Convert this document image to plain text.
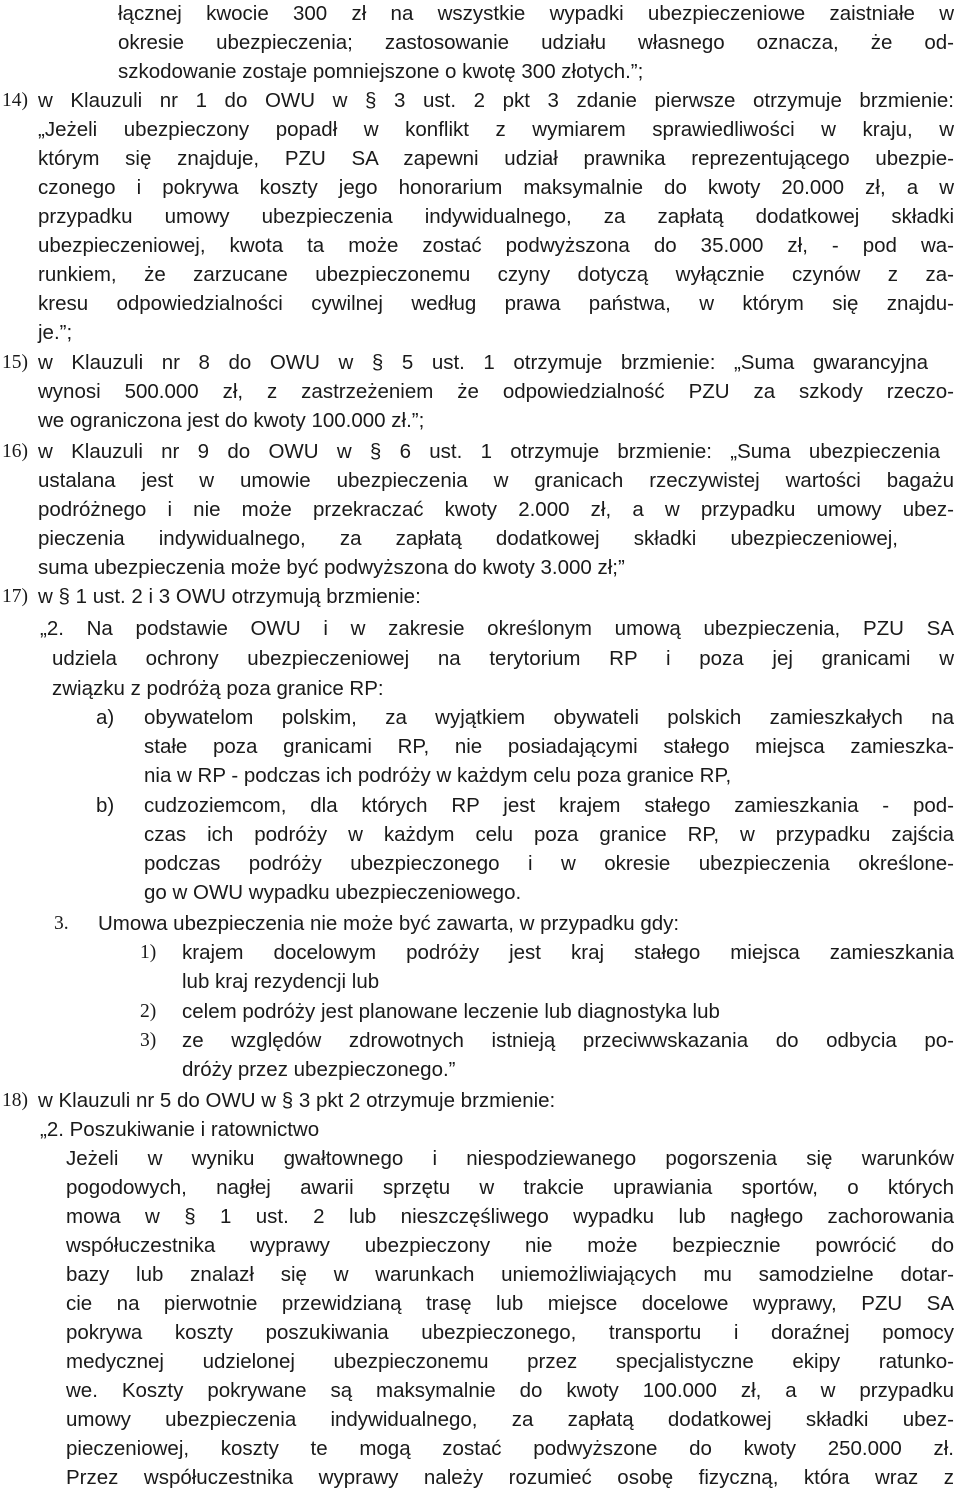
łącznej kwocie 300 zł na wszystkie wypadki ubezpieczeniowe zaistniałe w
okresie ubezpieczenia; zastosowanie udziału własnego oznacza, że od-
szkodowanie zostaje pomniejszone o kwotę 300 złotych.”;
14) w Klauzuli nr 1 do OWU w § 3 ust. 2 pkt 3 zdanie pierwsze otrzymuje brzmienie:
„Jeżeli ubezpieczony popadł w konflikt z wymiarem sprawiedliwości w kraju, w
którym się znajduje, PZU SA zapewni udział prawnika reprezentującego ubezpie-
czonego i pokrywa koszty jego honorarium maksymalnie do kwoty 20.000 zł, a w
przypadku umowy ubezpieczenia indywidualnego, za zapłatą dodatkowej składki
ubezpieczeniowej, kwota ta może zostać podwyższona do 35.000 zł, - pod wa-
runkiem, że zarzucane ubezpieczonemu czyny dotyczą wyłącznie czynów z za-
kresu odpowiedzialności cywilnej według prawa państwa, w którym się znajdu-
je.”;
15) w Klauzuli nr 8 do OWU w § 5 ust. 1 otrzymuje brzmienie: „Suma gwarancyjna
wynosi 500.000 zł, z zastrzeżeniem że odpowiedzialność PZU za szkody rzeczo-
we ograniczona jest do kwoty 100.000 zł.”;
16) w Klauzuli nr 9 do OWU w § 6 ust. 1 otrzymuje brzmienie: „Suma ubezpieczenia
ustalana jest w umowie ubezpieczenia w granicach rzeczywistej wartości bagażu
podróżnego i nie może przekraczać kwoty 2.000 zł, a w przypadku umowy ubez-
pieczenia indywidualnego, za zapłatą dodatkowej składki ubezpieczeniowej,
suma ubezpieczenia może być podwyższona do kwoty 3.000 zł;”
17) w § 1 ust. 2 i 3 OWU otrzymują brzmienie:
„2. Na podstawie OWU i w zakresie określonym umową ubezpieczenia, PZU SA
udziela ochrony ubezpieczeniowej na terytorium RP i poza jej granicami w
związku z podróżą poza granice RP:
a) obywatelom polskim, za wyjątkiem obywateli polskich zamieszkałych na
stałe poza granicami RP, nie posiadającymi stałego miejsca zamieszka-
nia w RP - podczas ich podróży w każdym celu poza granice RP,
b) cudzoziemcom, dla których RP jest krajem stałego zamieszkania - pod-
czas ich podróży w każdym celu poza granice RP, w przypadku zajścia
podczas podróży ubezpieczonego i w okresie ubezpieczenia określone-
go w OWU wypadku ubezpieczeniowego.
3. Umowa ubezpieczenia nie może być zawarta, w przypadku gdy:
1) krajem docelowym podróży jest kraj stałego miejsca zamieszkania
lub kraj rezydencji lub
2) celem podróży jest planowane leczenie lub diagnostyka lub
3) ze względów zdrowotnych istnieją przeciwwskazania do odbycia po-
dróży przez ubezpieczonego.”
18) w Klauzuli nr 5 do OWU w § 3 pkt 2 otrzymuje brzmienie:
„2. Poszukiwanie i ratownictwo
Jeżeli w wyniku gwałtownego i niespodziewanego pogorszenia się warunków
pogodowych, nagłej awarii sprzętu w trakcie uprawiania sportów, o których
mowa w § 1 ust. 2 lub nieszczęśliwego wypadku lub nagłego zachorowania
współuczestnika wyprawy ubezpieczony nie może bezpiecznie powrócić do
bazy lub znalazł się w warunkach uniemożliwiających mu samodzielne dotar-
cie na pierwotnie przewidzianą trasę lub miejsce docelowe wyprawy, PZU SA
pokrywa koszty poszukiwania ubezpieczonego, transportu i doraźnej pomocy
medycznej udzielonej ubezpieczonemu przez specjalistyczne ekipy ratunko-
we. Koszty pokrywane są maksymalnie do kwoty 100.000 zł, a w przypadku
umowy ubezpieczenia indywidualnego, za zapłatą dodatkowej składki ubez-
pieczeniowej, koszty te mogą zostać podwyższone do kwoty 250.000 zł.
Przez współuczestnika wyprawy należy rozumieć osobę fizyczną, która wraz z
